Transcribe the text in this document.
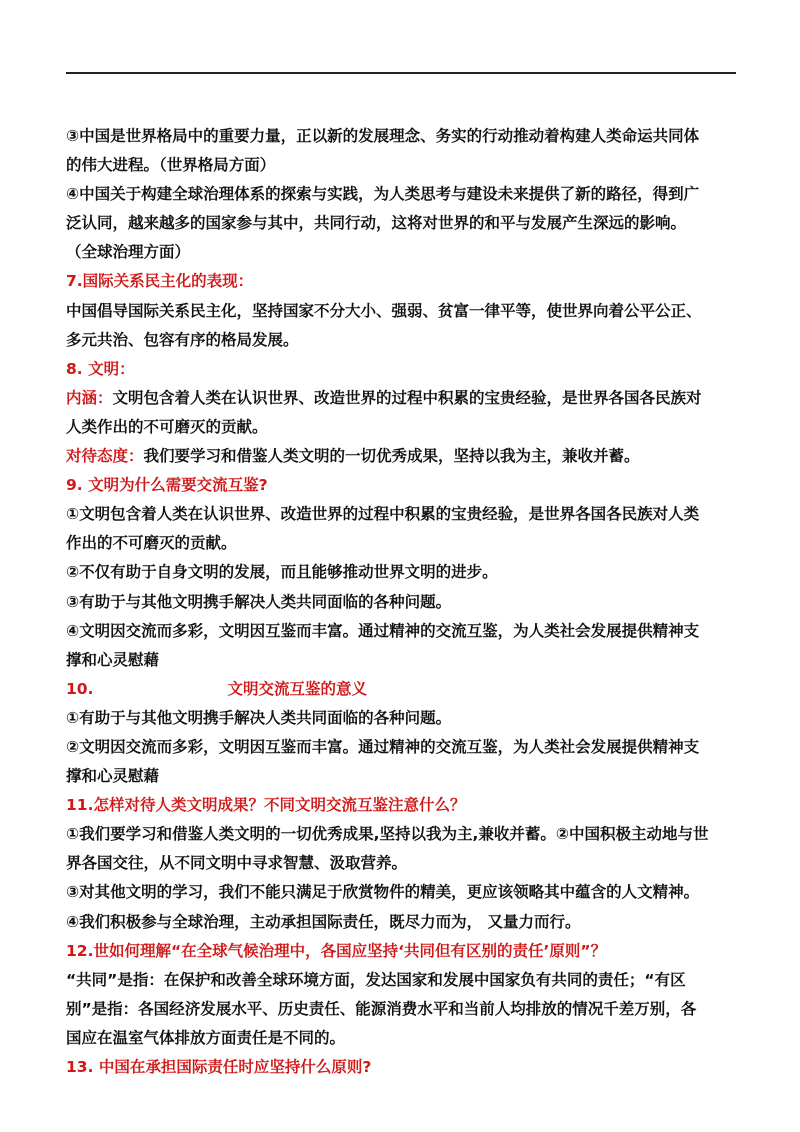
③中国是世界格局中的重要力量，正以新的发展理念、务实的行动推动着构建人类命运共同体
的伟大进程。（世界格局方面）
④中国关于构建全球治理体系的探索与实践，为人类思考与建设未来提供了新的路径，得到广
泛认同，越来越多的国家参与其中，共同行动，这将对世界的和平与发展产生深远的影响。
（全球治理方面）
7.国际关系民主化的表现：
中国倡导国际关系民主化，坚持国家不分大小、强弱、贫富一律平等，使世界向着公平公正、
多元共治、包容有序的格局发展。
8. 文明：
内涵：文明包含着人类在认识世界、改造世界的过程中积累的宝贵经验，是世界各国各民族对
人类作出的不可磨灭的贡献。
对待态度：我们要学习和借鉴人类文明的一切优秀成果，坚持以我为主，兼收并蓄。
9. 文明为什么需要交流互鉴?
①文明包含着人类在认识世界、改造世界的过程中积累的宝贵经验，是世界各国各民族对人类
作出的不可磨灭的贡献。
②不仅有助于自身文明的发展，而且能够推动世界文明的进步。
③有助于与其他文明携手解决人类共同面临的各种问题。
④文明因交流而多彩，文明因互鉴而丰富。通过精神的交流互鉴，为人类社会发展提供精神支
撑和心灵慰藉
10.	文明交流互鉴的意义
①有助于与其他文明携手解决人类共同面临的各种问题。
②文明因交流而多彩，文明因互鉴而丰富。通过精神的交流互鉴，为人类社会发展提供精神支
撑和心灵慰藉
11.怎样对待人类文明成果？不同文明交流互鉴注意什么？
①我们要学习和借鉴人类文明的一切优秀成果,坚持以我为主,兼收并蓄。②中国积极主动地与世
界各国交往，从不同文明中寻求智慧、汲取营养。
③对其他文明的学习，我们不能只满足于欣赏物件的精美，更应该领略其中蕴含的人文精神。
④我们积极参与全球治理，主动承担国际责任，既尽力而为， 又量力而行。
12.世如何理解“在全球气候治理中，各国应坚持‘共同但有区别的责任’原则”？
“共同”是指：在保护和改善全球环境方面，发达国家和发展中国家负有共同的责任；“有区
别”是指：各国经济发展水平、历史责任、能源消费水平和当前人均排放的情况千差万别，各
国应在温室气体排放方面责任是不同的。
13. 中国在承担国际责任时应坚持什么原则?
